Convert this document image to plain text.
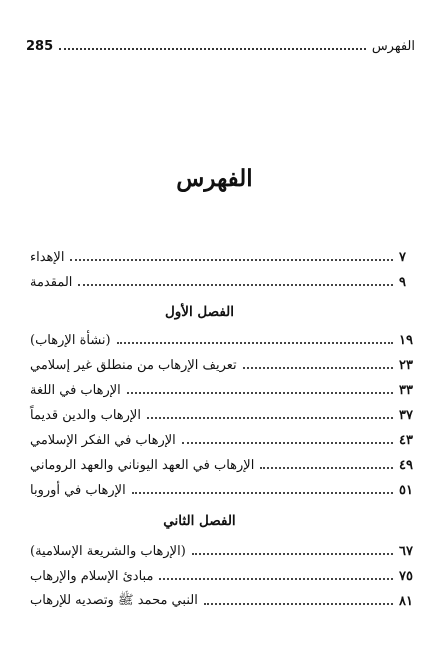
285	الفهرس
الفهرس
الإهداء	٧
المقدمة	٩
الفصل الأول
(نشأة الإرهاب)	١٩
تعريف الإرهاب من منطلق غير إسلامي	٢٣
الإرهاب في اللغة	٣٣
الإرهاب والدين قديماً	٣٧
الإرهاب في الفكر الإسلامي	٤٣
الإرهاب في العهد اليوناني والعهد الروماني	٤٩
الإرهاب في أوروبا	٥١
الفصل الثاني
(الإرهاب والشريعة الإسلامية)	٦٧
مبادئ الإسلام والإرهاب	٧٥
النبي محمد ﷺ وتصديه للإرهاب	٨١
